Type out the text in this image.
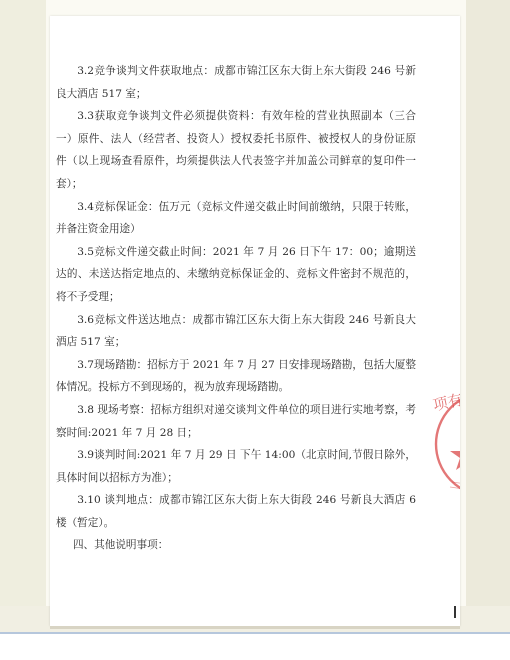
3.2竞争谈判文件获取地点：成都市锦江区东大街上东大街段 246 号新良大酒店 517 室；

3.3获取竞争谈判文件必须提供资料：有效年检的营业执照副本（三合一）原件、法人（经营者、投资人）授权委托书原件、被授权人的身份证原件（以上现场查看原件，均须提供法人代表签字并加盖公司鲜章的复印件一套）；

3.4竞标保证金：伍万元（竞标文件递交截止时间前缴纳，只限于转账，并备注资金用途）

3.5竞标文件递交截止时间：2021 年 7 月 26 日下午 17：00；逾期送达的、未送达指定地点的、未缴纳竞标保证金的、竞标文件密封不规范的，将不予受理；

3.6竞标文件送达地点：成都市锦江区东大街上东大街段 246 号新良大酒店 517 室；

3.7现场踏勘：招标方于 2021 年 7 月 27 日安排现场踏勘，包括大厦整体情况。投标方不到现场的，视为放弃现场踏勘。

3.8 现场考察：招标方组织对递交谈判文件单位的项目进行实地考察，考察时间:2021 年 7 月 28 日；

3.9谈判时间:2021 年 7 月 29 日 下午 14:00（北京时间,节假日除外，具体时间以招标方为准）；

3.10 谈判地点：成都市锦江区东大街上东大街段 246 号新良大酒店 6 楼（暂定）。

四、其他说明事项：

项有
